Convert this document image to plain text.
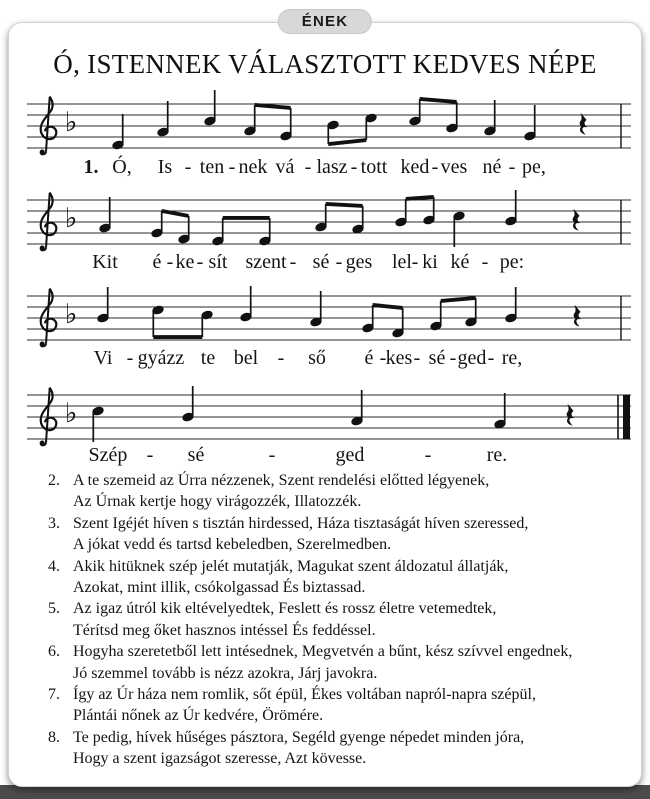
ÉNEK
Ó, ISTENNEK VÁLASZTOTT KEDVES NÉPE
♭
1. Ó, Is - ten - nek vá - lasz - tott ked - ves né - pe,
♭
Kit é - ke - sít szent - sé - ges lel - ki ké - pe:
♭
Vi - gyázz te bel - ső é - kes - sé - ged - re,
♭
Szép - sé	-	ged	-	re.
2. A te szemeid az Úrra nézzenek, Szent rendelési előtted légyenek,
Az Úrnak kertje hogy virágozzék, Illatozzék.
3. Szent Igéjét híven s tisztán hirdessed, Háza tisztaságát híven szeressed,
A jókat vedd és tartsd kebeledben, Szerelmedben.
4. Akik hitüknek szép jelét mutatják, Magukat szent áldozatul állatják,
Azokat, mint illik, csókolgassad És biztassad.
5. Az igaz útról kik eltévelyedtek, Feslett és rossz életre vetemedtek,
Térítsd meg őket hasznos intéssel És feddéssel.
6. Hogyha szeretetből lett intésednek, Megvetvén a bűnt, kész szívvel engednek,
Jó szemmel tovább is nézz azokra, Járj javokra.
7. Így az Úr háza nem romlik, sőt épül, Ékes voltában napról-napra szépül,
Plántái nőnek az Úr kedvére, Örömére.
8. Te pedig, hívek hűséges pásztora, Segéld gyenge népedet minden jóra,
Hogy a szent igazságot szeresse, Azt kövesse.
